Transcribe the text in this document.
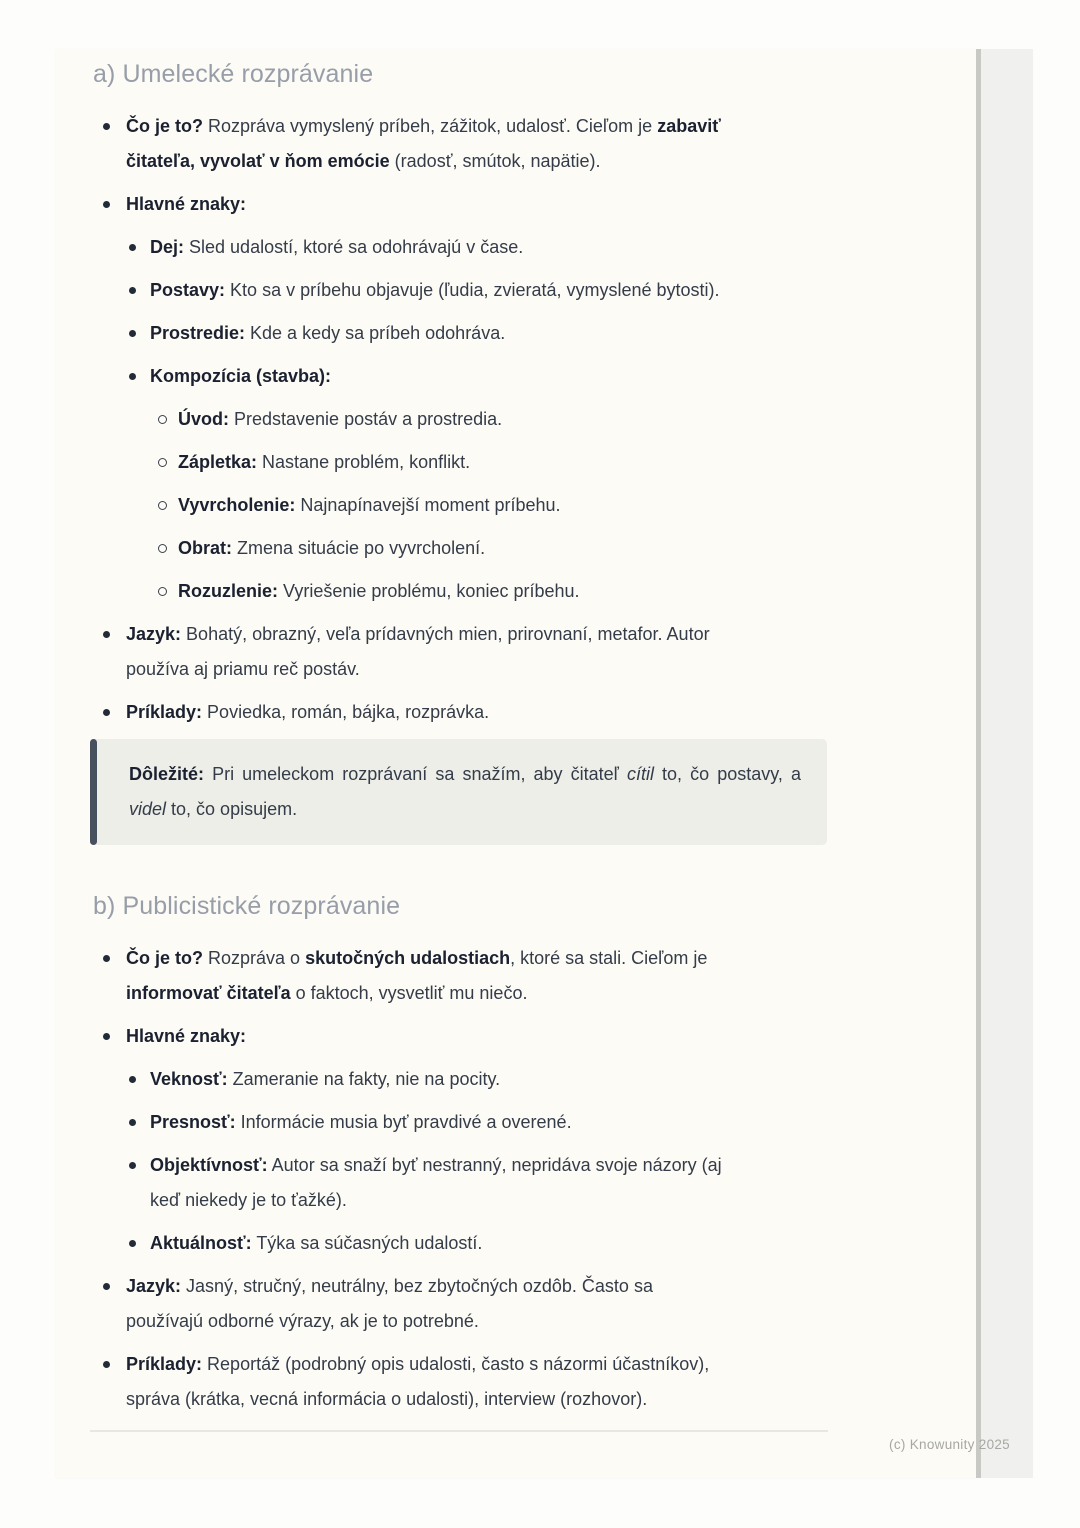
a) Umelecké rozprávanie
Čo je to? Rozpráva vymyslený príbeh, zážitok, udalosť. Cieľom je zabaviť
čitateľa, vyvolať v ňom emócie (radosť, smútok, napätie).
Hlavné znaky:
Dej: Sled udalostí, ktoré sa odohrávajú v čase.
Postavy: Kto sa v príbehu objavuje (ľudia, zvieratá, vymyslené bytosti).
Prostredie: Kde a kedy sa príbeh odohráva.
Kompozícia (stavba):
Úvod: Predstavenie postáv a prostredia.
Zápletka: Nastane problém, konflikt.
Vyvrcholenie: Najnapínavejší moment príbehu.
Obrat: Zmena situácie po vyvrcholení.
Rozuzlenie: Vyriešenie problému, koniec príbehu.
Jazyk: Bohatý, obrazný, veľa prídavných mien, prirovnaní, metafor. Autor
používa aj priamu reč postáv.
Príklady: Poviedka, román, bájka, rozprávka.

Dôležité: Pri umeleckom rozprávaní sa snažím, aby čitateľ cítil to, čo postavy, a videl to, čo opisujem.

b) Publicistické rozprávanie
Čo je to? Rozpráva o skutočných udalostiach, ktoré sa stali. Cieľom je
informovať čitateľa o faktoch, vysvetliť mu niečo.
Hlavné znaky:
Veknosť: Zameranie na fakty, nie na pocity.
Presnosť: Informácie musia byť pravdivé a overené.
Objektívnosť: Autor sa snaží byť nestranný, nepridáva svoje názory (aj
keď niekedy je to ťažké).
Aktuálnosť: Týka sa súčasných udalostí.
Jazyk: Jasný, stručný, neutrálny, bez zbytočných ozdôb. Často sa
používajú odborné výrazy, ak je to potrebné.
Príklady: Reportáž (podrobný opis udalosti, často s názormi účastníkov),
správa (krátka, vecná informácia o udalosti), interview (rozhovor).
(c) Knowunity 2025
